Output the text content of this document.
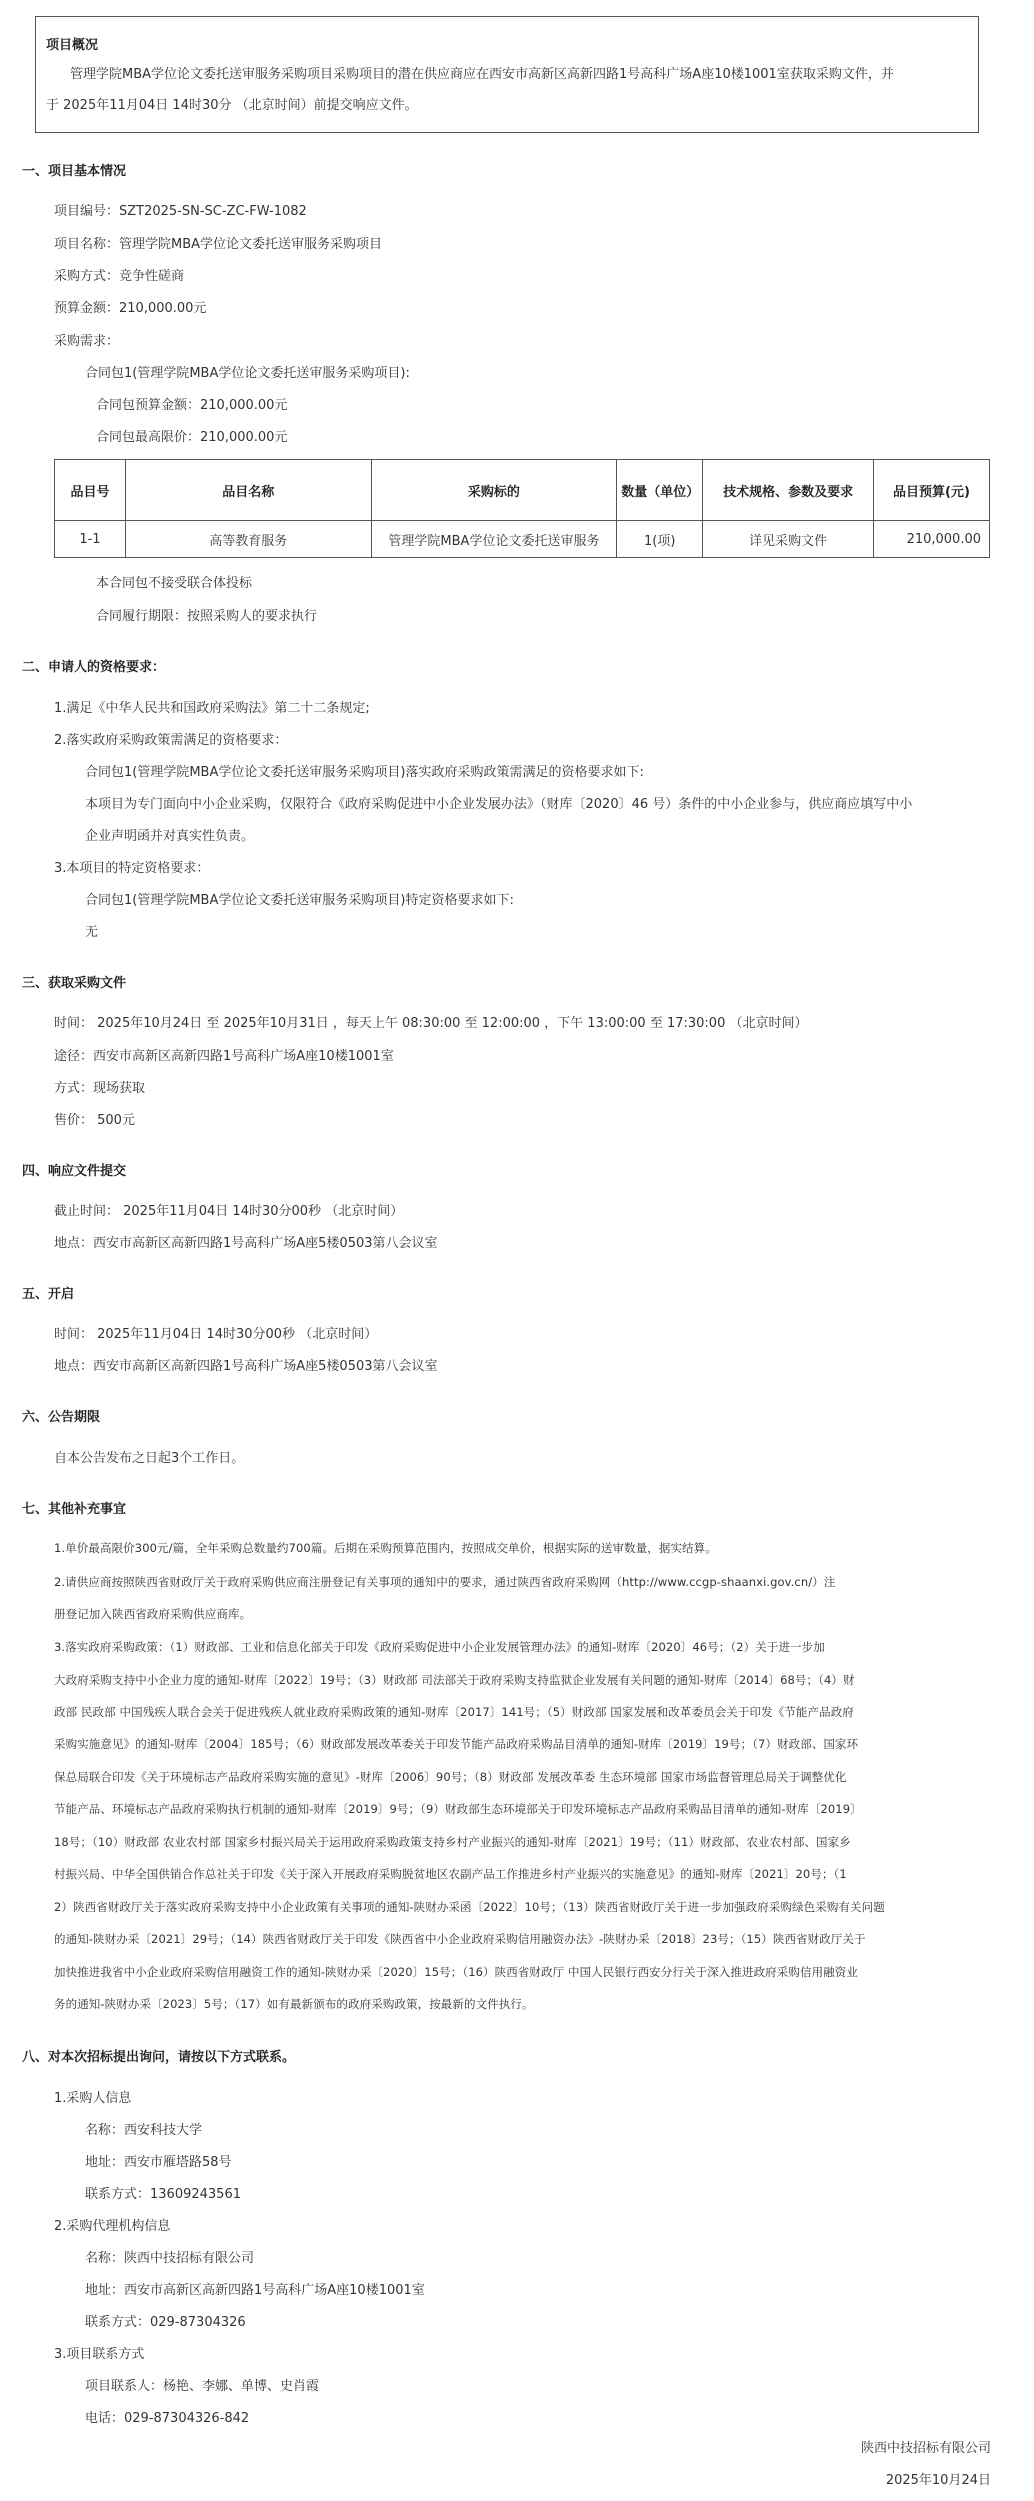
项目概况
管理学院MBA学位论文委托送审服务采购项目采购项目的潜在供应商应在西安市高新区高新四路1号高科广场A座10楼1001室获取采购文件，并
于 2025年11月04日 14时30分 （北京时间）前提交响应文件。
一、项目基本情况
项目编号：SZT2025-SN-SC-ZC-FW-1082
项目名称：管理学院MBA学位论文委托送审服务采购项目
采购方式：竞争性磋商
预算金额：210,000.00元
采购需求：
合同包1(管理学院MBA学位论文委托送审服务采购项目):
合同包预算金额：210,000.00元
合同包最高限价：210,000.00元
品目号	品目名称	采购标的	数量（单位）	技术规格、参数及要求	品目预算(元)
1-1	高等教育服务	管理学院MBA学位论文委托送审服务	1(项)	详见采购文件	210,000.00
本合同包不接受联合体投标
合同履行期限：按照采购人的要求执行
二、申请人的资格要求：
1.满足《中华人民共和国政府采购法》第二十二条规定;
2.落实政府采购政策需满足的资格要求：
合同包1(管理学院MBA学位论文委托送审服务采购项目)落实政府采购政策需满足的资格要求如下:
本项目为专门面向中小企业采购，仅限符合《政府采购促进中小企业发展办法》（财库〔2020〕46 号）条件的中小企业参与，供应商应填写中小
企业声明函并对真实性负责。
3.本项目的特定资格要求：
合同包1(管理学院MBA学位论文委托送审服务采购项目)特定资格要求如下:
无
三、获取采购文件
时间： 2025年10月24日 至 2025年10月31日 ，每天上午 08:30:00 至 12:00:00 ，下午 13:00:00 至 17:30:00 （北京时间）
途径：西安市高新区高新四路1号高科广场A座10楼1001室
方式：现场获取
售价： 500元
四、响应文件提交
截止时间： 2025年11月04日 14时30分00秒 （北京时间）
地点：西安市高新区高新四路1号高科广场A座5楼0503第八会议室
五、开启
时间： 2025年11月04日 14时30分00秒 （北京时间）
地点：西安市高新区高新四路1号高科广场A座5楼0503第八会议室
六、公告期限
自本公告发布之日起3个工作日。
七、其他补充事宜
1.单价最高限价300元/篇，全年采购总数量约700篇。后期在采购预算范围内，按照成交单价，根据实际的送审数量，据实结算。
2.请供应商按照陕西省财政厅关于政府采购供应商注册登记有关事项的通知中的要求，通过陕西省政府采购网（http://www.ccgp-shaanxi.gov.cn/）注
册登记加入陕西省政府采购供应商库。
3.落实政府采购政策：（1）财政部、工业和信息化部关于印发《政府采购促进中小企业发展管理办法》的通知-财库〔2020〕46号；（2）关于进一步加
大政府采购支持中小企业力度的通知-财库〔2022〕19号；（3）财政部 司法部关于政府采购支持监狱企业发展有关问题的通知-财库〔2014〕68号；（4）财
政部 民政部 中国残疾人联合会关于促进残疾人就业政府采购政策的通知-财库〔2017〕141号；（5）财政部 国家发展和改革委员会关于印发《节能产品政府
采购实施意见》的通知-财库〔2004〕185号；（6）财政部发展改革委关于印发节能产品政府采购品目清单的通知-财库〔2019〕19号；（7）财政部、国家环
保总局联合印发《关于环境标志产品政府采购实施的意见》-财库〔2006〕90号；（8）财政部 发展改革委 生态环境部 国家市场监督管理总局关于调整优化
节能产品、环境标志产品政府采购执行机制的通知-财库〔2019〕9号；（9）财政部生态环境部关于印发环境标志产品政府采购品目清单的通知-财库〔2019〕
18号；（10）财政部 农业农村部 国家乡村振兴局关于运用政府采购政策支持乡村产业振兴的通知-财库〔2021〕19号；（11）财政部、农业农村部、国家乡
村振兴局、中华全国供销合作总社关于印发《关于深入开展政府采购脱贫地区农副产品工作推进乡村产业振兴的实施意见》的通知-财库〔2021〕20号；（1
2）陕西省财政厅关于落实政府采购支持中小企业政策有关事项的通知-陕财办采函〔2022〕10号；（13）陕西省财政厅关于进一步加强政府采购绿色采购有关问题
的通知-陕财办采〔2021〕29号；（14）陕西省财政厅关于印发《陕西省中小企业政府采购信用融资办法》-陕财办采〔2018〕23号；（15）陕西省财政厅关于
加快推进我省中小企业政府采购信用融资工作的通知-陕财办采〔2020〕15号；（16）陕西省财政厅 中国人民银行西安分行关于深入推进政府采购信用融资业
务的通知-陕财办采〔2023〕5号；（17）如有最新颁布的政府采购政策，按最新的文件执行。
八、对本次招标提出询问，请按以下方式联系。
1.采购人信息
名称：西安科技大学
地址：西安市雁塔路58号
联系方式：13609243561
2.采购代理机构信息
名称：陕西中技招标有限公司
地址：西安市高新区高新四路1号高科广场A座10楼1001室
联系方式：029-87304326
3.项目联系方式
项目联系人：杨艳、李娜、单博、史肖霞
电话：029-87304326-842
陕西中技招标有限公司
2025年10月24日
